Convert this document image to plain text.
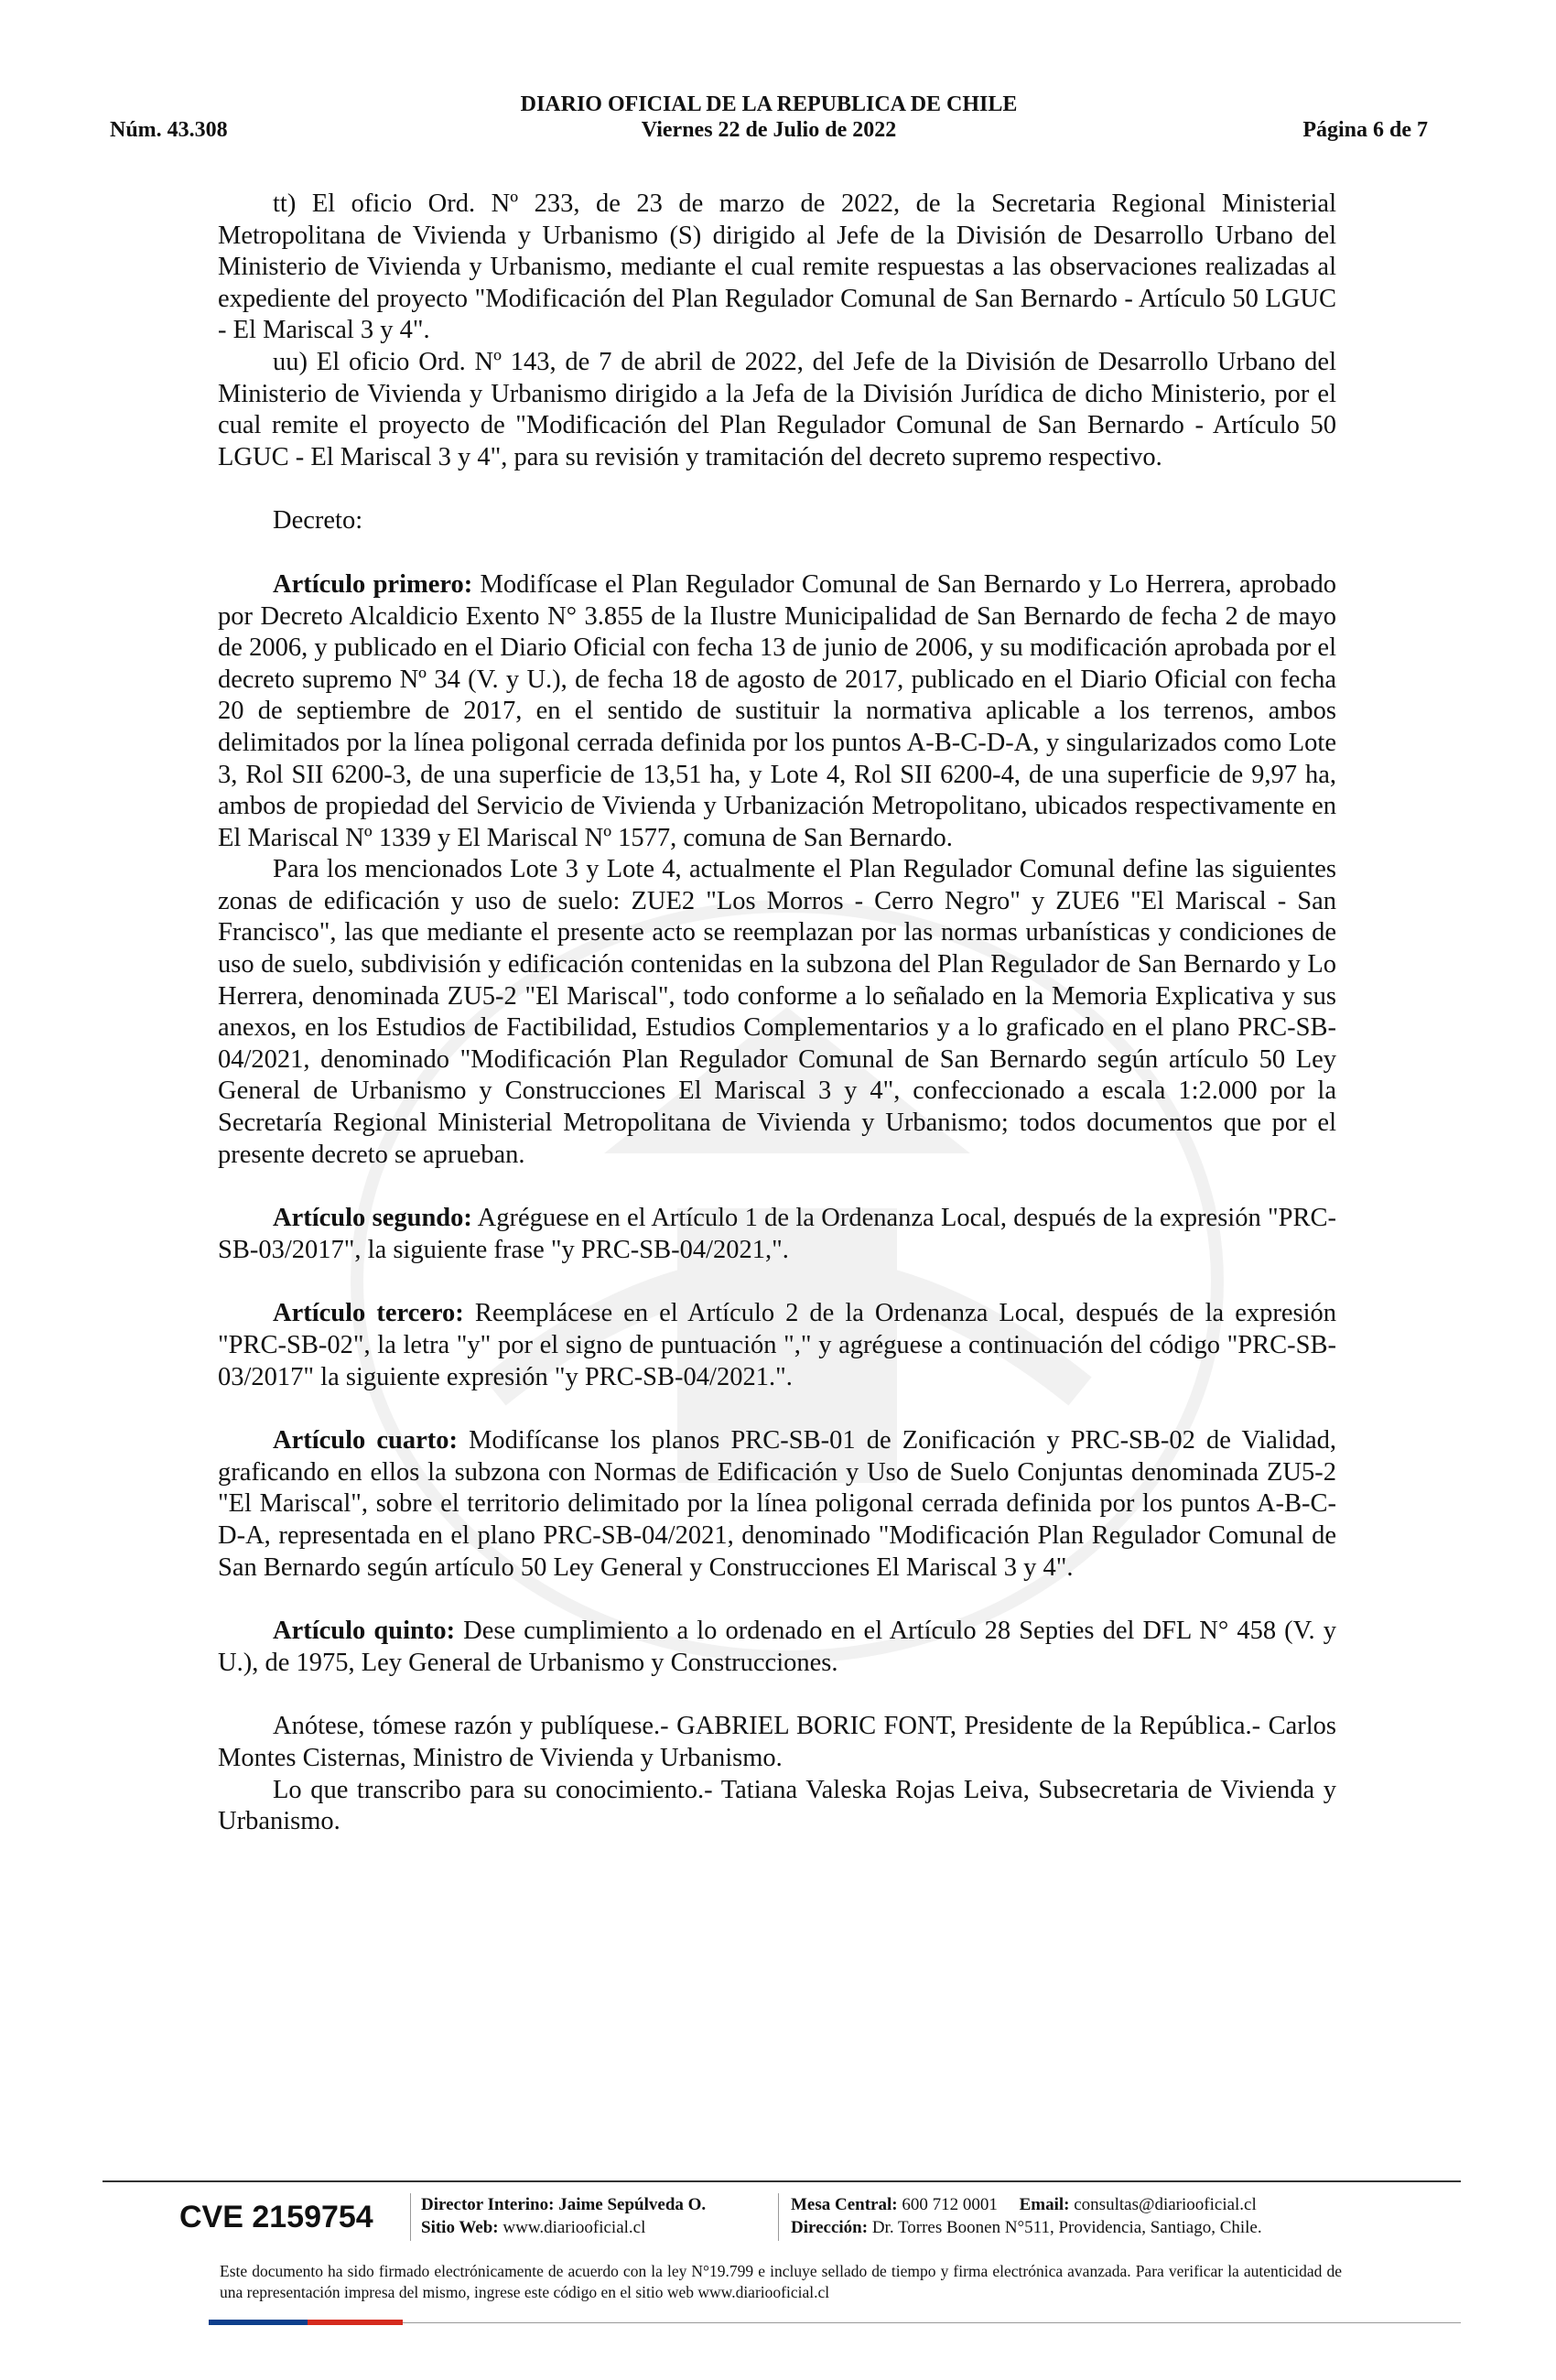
DIARIO OFICIAL DE LA REPUBLICA DE CHILE
Viernes 22 de Julio de 2022
Núm. 43.308	Página 6 de 7

tt) El oficio Ord. Nº 233, de 23 de marzo de 2022, de la Secretaria Regional Ministerial Metropolitana de Vivienda y Urbanismo (S) dirigido al Jefe de la División de Desarrollo Urbano del Ministerio de Vivienda y Urbanismo, mediante el cual remite respuestas a las observaciones realizadas al expediente del proyecto "Modificación del Plan Regulador Comunal de San Bernardo - Artículo 50 LGUC - El Mariscal 3 y 4".

uu) El oficio Ord. Nº 143, de 7 de abril de 2022, del Jefe de la División de Desarrollo Urbano del Ministerio de Vivienda y Urbanismo dirigido a la Jefa de la División Jurídica de dicho Ministerio, por el cual remite el proyecto de "Modificación del Plan Regulador Comunal de San Bernardo - Artículo 50 LGUC - El Mariscal 3 y 4", para su revisión y tramitación del decreto supremo respectivo.

Decreto:

Artículo primero: Modifícase el Plan Regulador Comunal de San Bernardo y Lo Herrera, aprobado por Decreto Alcaldicio Exento N° 3.855 de la Ilustre Municipalidad de San Bernardo de fecha 2 de mayo de 2006, y publicado en el Diario Oficial con fecha 13 de junio de 2006, y su modificación aprobada por el decreto supremo Nº 34 (V. y U.), de fecha 18 de agosto de 2017, publicado en el Diario Oficial con fecha 20 de septiembre de 2017, en el sentido de sustituir la normativa aplicable a los terrenos, ambos delimitados por la línea poligonal cerrada definida por los puntos A-B-C-D-A, y singularizados como Lote 3, Rol SII 6200-3, de una superficie de 13,51 ha, y Lote 4, Rol SII 6200-4, de una superficie de 9,97 ha, ambos de propiedad del Servicio de Vivienda y Urbanización Metropolitano, ubicados respectivamente en El Mariscal Nº 1339 y El Mariscal Nº 1577, comuna de San Bernardo.

Para los mencionados Lote 3 y Lote 4, actualmente el Plan Regulador Comunal define las siguientes zonas de edificación y uso de suelo: ZUE2 "Los Morros - Cerro Negro" y ZUE6 "El Mariscal - San Francisco", las que mediante el presente acto se reemplazan por las normas urbanísticas y condiciones de uso de suelo, subdivisión y edificación contenidas en la subzona del Plan Regulador de San Bernardo y Lo Herrera, denominada ZU5-2 "El Mariscal", todo conforme a lo señalado en la Memoria Explicativa y sus anexos, en los Estudios de Factibilidad, Estudios Complementarios y a lo graficado en el plano PRC-SB-04/2021, denominado "Modificación Plan Regulador Comunal de San Bernardo según artículo 50 Ley General de Urbanismo y Construcciones El Mariscal 3 y 4", confeccionado a escala 1:2.000 por la Secretaría Regional Ministerial Metropolitana de Vivienda y Urbanismo; todos documentos que por el presente decreto se aprueban.

Artículo segundo: Agréguese en el Artículo 1 de la Ordenanza Local, después de la expresión "PRC-SB-03/2017", la siguiente frase "y PRC-SB-04/2021,".

Artículo tercero: Reemplácese en el Artículo 2 de la Ordenanza Local, después de la expresión "PRC-SB-02", la letra "y" por el signo de puntuación "," y agréguese a continuación del código "PRC-SB-03/2017" la siguiente expresión "y PRC-SB-04/2021.".

Artículo cuarto: Modifícanse los planos PRC-SB-01 de Zonificación y PRC-SB-02 de Vialidad, graficando en ellos la subzona con Normas de Edificación y Uso de Suelo Conjuntas denominada ZU5-2 "El Mariscal", sobre el territorio delimitado por la línea poligonal cerrada definida por los puntos A-B-C-D-A, representada en el plano PRC-SB-04/2021, denominado "Modificación Plan Regulador Comunal de San Bernardo según artículo 50 Ley General y Construcciones El Mariscal 3 y 4".

Artículo quinto: Dese cumplimiento a lo ordenado en el Artículo 28 Septies del DFL N° 458 (V. y U.), de 1975, Ley General de Urbanismo y Construcciones.

Anótese, tómese razón y publíquese.- GABRIEL BORIC FONT, Presidente de la República.- Carlos Montes Cisternas, Ministro de Vivienda y Urbanismo.

Lo que transcribo para su conocimiento.- Tatiana Valeska Rojas Leiva, Subsecretaria de Vivienda y Urbanismo.

CVE 2159754	Director Interino: Jaime Sepúlveda O.
Sitio Web: www.diariooficial.cl
Mesa Central: 600 712 0001 Email: consultas@diariooficial.cl
Dirección: Dr. Torres Boonen N°511, Providencia, Santiago, Chile.
Este documento ha sido firmado electrónicamente de acuerdo con la ley N°19.799 e incluye sellado de tiempo y firma electrónica avanzada. Para verificar la autenticidad de una representación impresa del mismo, ingrese este código en el sitio web www.diariooficial.cl
